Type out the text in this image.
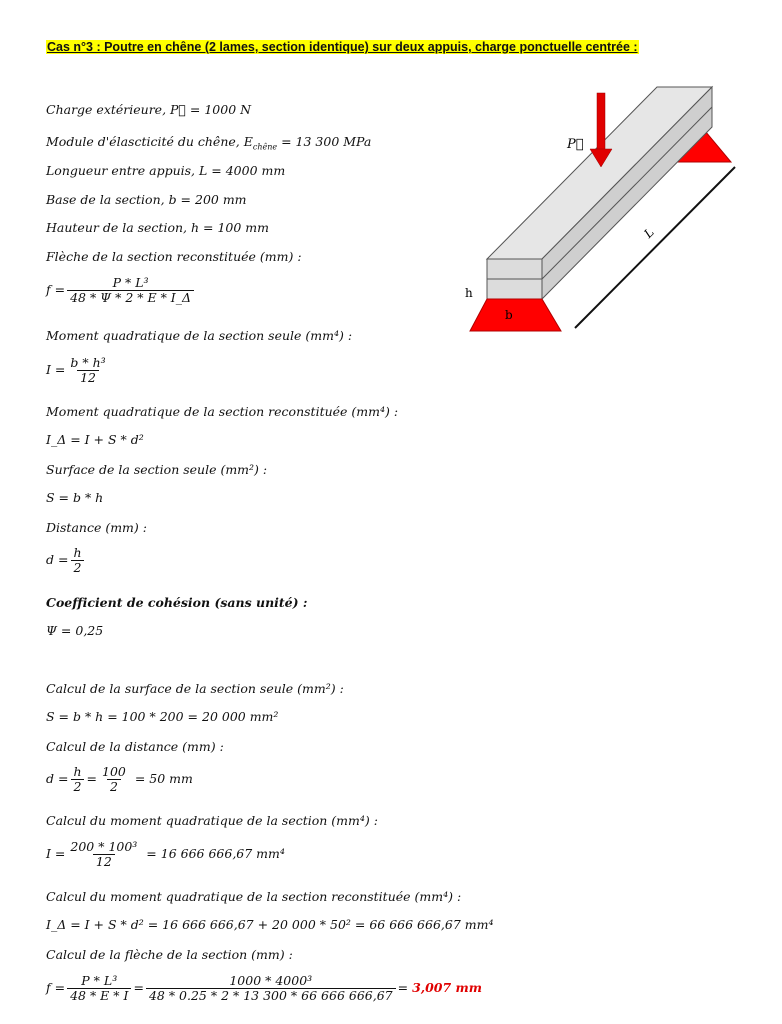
Cas n°3 : Poutre en chêne (2 lames, section identique) sur deux appuis, charge ponctuelle centrée :
Charge extérieure, P⃗ = 1000 N
Module d'élascticité du chêne, $E_{chêne} = 13$ 300 MPa
Longueur entre appuis, L = 4000 mm
Base de la section, b = 200 mm
Hauteur de la section, h = 100 mm
Flèche de la section reconstituée (mm) :
$f = \frac{\text{P * L³}}{48 * \Psi * 2 * E * I\_\Delta}$
Moment quadratique de la section seule (mm⁴) :
$I = \frac{\text{b * h³}}{12}$
Moment quadratique de la section reconstituée (mm⁴) :
I_Δ = I + S * d²
Surface de la section seule (mm²) :
S = b * h
Distance (mm) :
$d = \frac{h}{2}$
Coefficient de cohésion (sans unité) :
Ψ = 0,25
Calcul de la surface de la section seule (mm²) :
S = b * h = 100 * 200 = 20 000 mm²
Calcul de la distance (mm) :
$d = \frac{h}{2} = \frac{100}{2} = 50$ mm
Calcul du moment quadratique de la section (mm⁴) :
$I = \frac{\text{200 * 100³}}{12} = 16$ 666 666,67 mm⁴
Calcul du moment quadratique de la section reconstituée (mm⁴) :
I_Δ = I + S * d² = 16 666 666,67 + 20 000 * 50² = 66 666 666,67 mm⁴
Calcul de la flèche de la section (mm) :
$f = \frac{\text{P * L³}}{48 * E * I} = \frac{\text{1000 * 4000³}}{48 * 0.25 * 2 * 13 300 * 66 666 666,67} = 3,007$ mm
P⃗
L
h
b
